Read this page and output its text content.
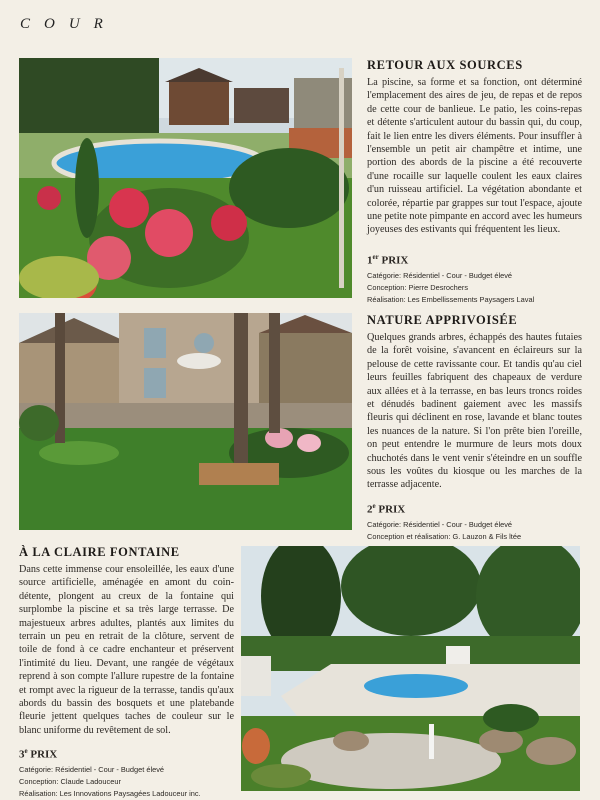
COUR
RETOUR AUX SOURCES

La piscine, sa forme et sa fonction, ont déterminé l'emplacement des aires de jeu, de repas et de repos de cette cour de banlieue. Le patio, les coins-repas et détente s'articulent autour du bassin qui, du coup, fait le lien entre les divers éléments. Pour insuffler à l'ensemble un petit air champêtre et intime, une portion des abords de la piscine a été recouverte d'une rocaille sur laquelle coulent les eaux claires d'un ruisseau artificiel. La végétation abondante et colorée, répartie par grappes sur tout l'espace, ajoute une petite note pimpante en accord avec les humeurs joyeuses des estivants qui fréquentent les lieux.

1er PRIX
Catégorie: Résidentiel - Cour - Budget élevé
Conception: Pierre Desrochers
Réalisation: Les Embellissements Paysagers Laval
NATURE APPRIVOISÉE

Quelques grands arbres, échappés des hautes futaies de la forêt voisine, s'avancent en éclaireurs sur la pelouse de cette ravissante cour. Et tandis qu'au ciel leurs feuilles fabriquent des chapeaux de verdure aux allées et à la terrasse, en bas leurs troncs roides et dénudés badinent gaiement avec les massifs fleuris qui déclinent en rose, lavande et blanc toutes les nuances de la nature. Si l'on prête bien l'oreille, on peut entendre le murmure de leurs mots doux chuchotés dans le vent venir s'éteindre en un souffle sous les voûtes du kiosque ou les marches de la terrasse adjacente.

2e PRIX
Catégorie: Résidentiel - Cour - Budget élevé
Conception et réalisation: G. Lauzon & Fils ltée
À LA CLAIRE FONTAINE

Dans cette immense cour ensoleillée, les eaux d'une source artificielle, aménagée en amont du coin-détente, plongent au creux de la fontaine qui surplombe la piscine et sa très large terrasse. De majestueux arbres adultes, plantés aux limites du terrain un peu en retrait de la clôture, servent de toile de fond à ce cadre enchanteur et préservent l'intimité du lieu. Devant, une rangée de végétaux reprend à son compte l'allure rupestre de la fontaine et rompt avec la rigueur de la terrasse, tandis qu'aux abords du bassin des bosquets et une platebande fleurie jettent quelques taches de couleur sur le blanc uniforme du revêtement de sol.

3e PRIX
Catégorie: Résidentiel - Cour - Budget élevé
Conception: Claude Ladouceur
Réalisation: Les Innovations Paysagées Ladouceur inc.
